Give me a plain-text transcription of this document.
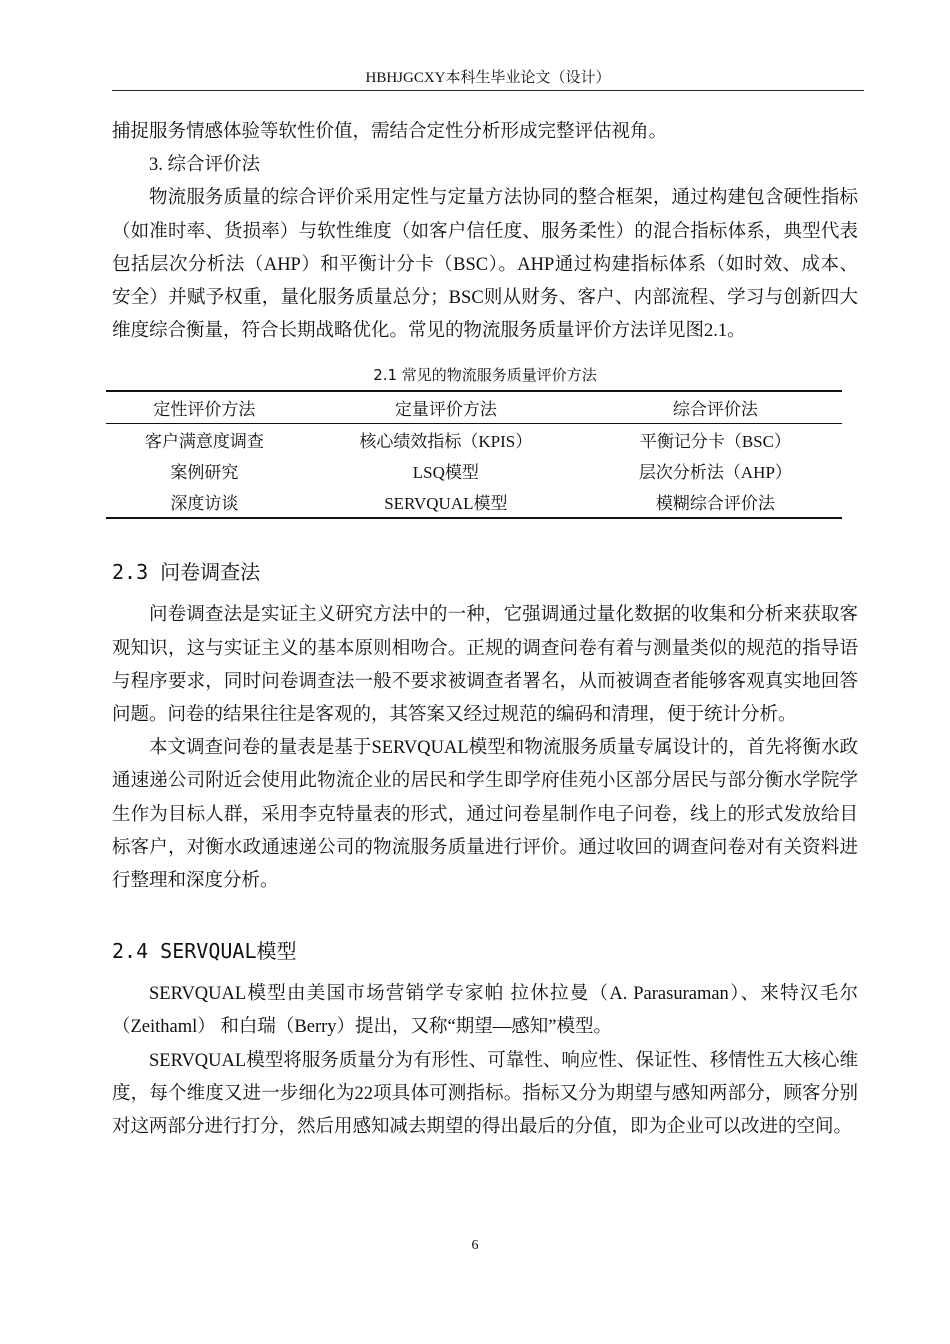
HBHJGCXY本科生毕业论文（设计）

捕捉服务情感体验等软性价值，需结合定性分析形成完整评估视角。

3. 综合评价法

物流服务质量的综合评价采用定性与定量方法协同的整合框架，通过构建包含硬性指标（如准时率、货损率）与软性维度（如客户信任度、服务柔性）的混合指标体系，典型代表包括层次分析法（AHP）和平衡计分卡（BSC）。AHP通过构建指标体系（如时效、成本、安全）并赋予权重，量化服务质量总分；BSC则从财务、客户、内部流程、学习与创新四大维度综合衡量，符合长期战略优化。常见的物流服务质量评价方法详见图2.1。

2.1 常见的物流服务质量评价方法
定性评价方法	定量评价方法	综合评价法
客户满意度调查	核心绩效指标（KPIS）	平衡记分卡（BSC）
案例研究	LSQ模型	层次分析法（AHP）
深度访谈	SERVQUAL模型	模糊综合评价法
2.3 问卷调查法

问卷调查法是实证主义研究方法中的一种，它强调通过量化数据的收集和分析来获取客观知识，这与实证主义的基本原则相吻合。正规的调查问卷有着与测量类似的规范的指导语与程序要求，同时问卷调查法一般不要求被调查者署名，从而被调查者能够客观真实地回答问题。问卷的结果往往是客观的，其答案又经过规范的编码和清理，便于统计分析。

本文调查问卷的量表是基于SERVQUAL模型和物流服务质量专属设计的，首先将衡水政通速递公司附近会使用此物流企业的居民和学生即学府佳苑小区部分居民与部分衡水学院学生作为目标人群，采用李克特量表的形式，通过问卷星制作电子问卷，线上的形式发放给目标客户，对衡水政通速递公司的物流服务质量进行评价。通过收回的调查问卷对有关资料进行整理和深度分析。

2.4 SERVQUAL模型

SERVQUAL模型由美国市场营销学专家帕 拉休拉曼（A. Parasuraman）、来特汉毛尔（Zeithaml） 和白瑞（Berry）提出，又称“期望—感知”模型。

SERVQUAL模型将服务质量分为有形性、可靠性、响应性、保证性、移情性五大核心维度，每个维度又进一步细化为22项具体可测指标。指标又分为期望与感知两部分，顾客分别对这两部分进行打分，然后用感知减去期望的得出最后的分值，即为企业可以改进的空间。

6
